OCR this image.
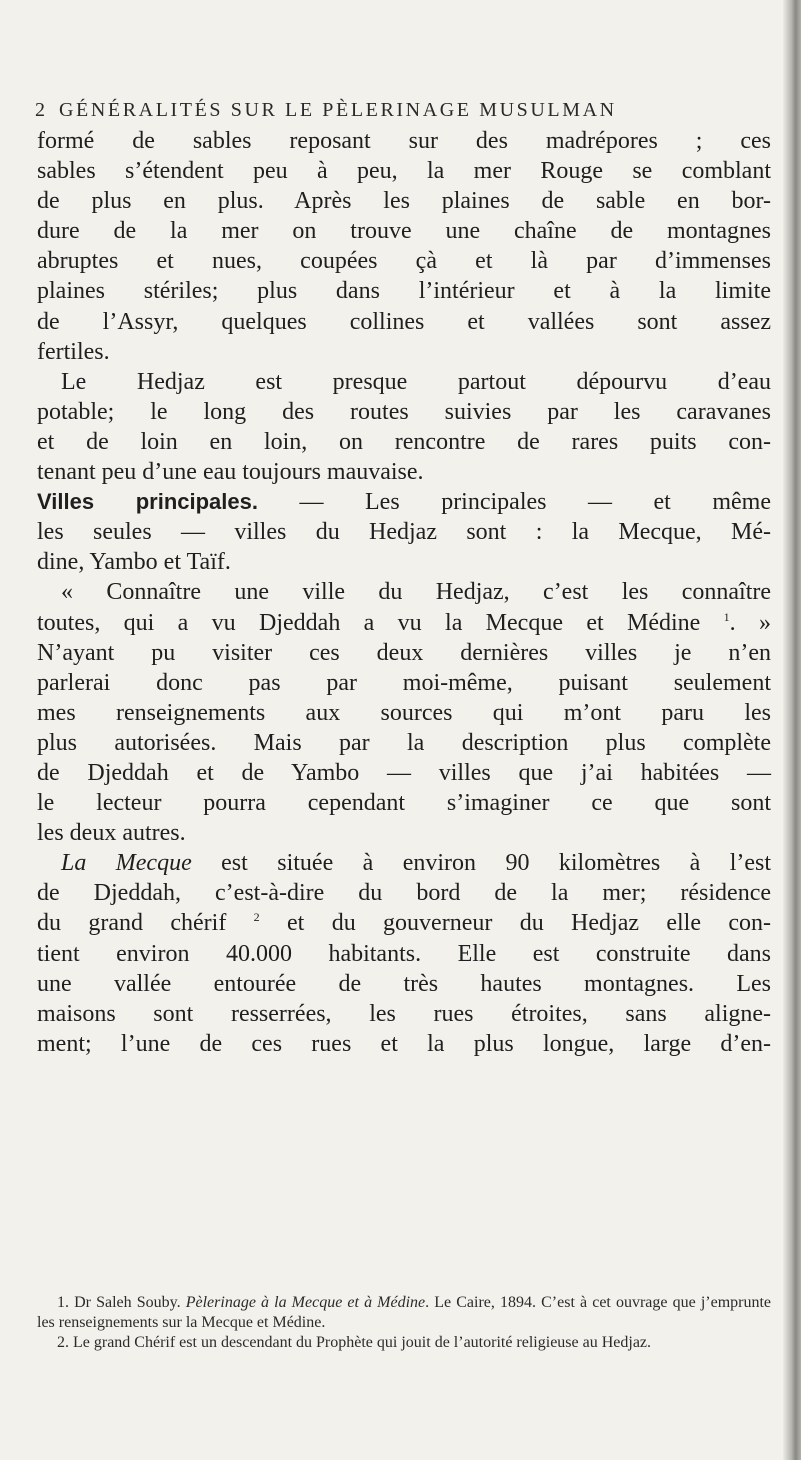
2 GÉNÉRALITÉS SUR LE PÈLERINAGE MUSULMAN

formé de sables reposant sur des madrépores ; ces
sables s’étendent peu à peu, la mer Rouge se comblant
de plus en plus. Après les plaines de sable en bor-
dure de la mer on trouve une chaîne de montagnes
abruptes et nues, coupées çà et là par d’immenses
plaines stériles; plus dans l’intérieur et à la limite
de l’Assyr, quelques collines et vallées sont assez
fertiles.

Le Hedjaz est presque partout dépourvu d’eau
potable; le long des routes suivies par les caravanes
et de loin en loin, on rencontre de rares puits con-
tenant peu d’une eau toujours mauvaise.

Villes principales. — Les principales — et même
les seules — villes du Hedjaz sont : la Mecque, Mé-
dine, Yambo et Taïf.

« Connaître une ville du Hedjaz, c’est les connaître
toutes, qui a vu Djeddah a vu la Mecque et Médine $^1$. »
N’ayant pu visiter ces deux dernières villes je n’en
parlerai donc pas par moi-même, puisant seulement
mes renseignements aux sources qui m’ont paru les
plus autorisées. Mais par la description plus complète
de Djeddah et de Yambo — villes que j’ai habitées —
le lecteur pourra cependant s’imaginer ce que sont
les deux autres.

La Mecque est située à environ 90 kilomètres à l’est
de Djeddah, c’est-à-dire du bord de la mer; résidence
du grand chérif $^2$ et du gouverneur du Hedjaz elle con-
tient environ 40.000 habitants. Elle est construite dans
une vallée entourée de très hautes montagnes. Les
maisons sont resserrées, les rues étroites, sans aligne-
ment; l’une de ces rues et la plus longue, large d’en-

1. Dr Saleh Souby. Pèlerinage à la Mecque et à Médine. Le Caire, 1894. C’est à cet ouvrage que j’emprunte les renseignements sur la Mecque et Médine.

2. Le grand Chérif est un descendant du Prophète qui jouit de l’autorité religieuse au Hedjaz.
